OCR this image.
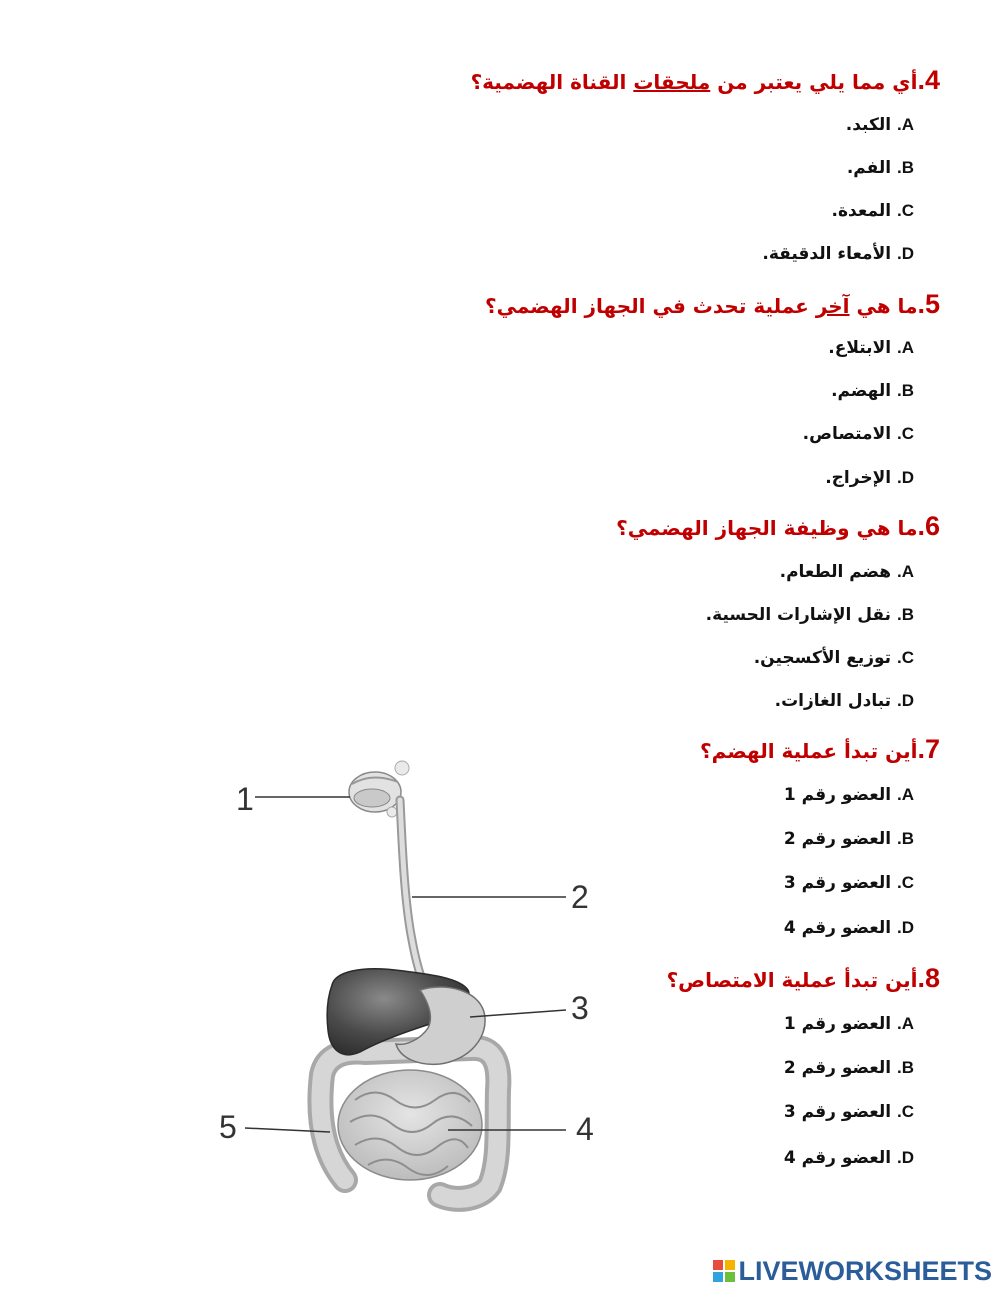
4.أي مما يلي يعتبر من ملحقات القناة الهضمية؟
A. الكبد.
B. الفم.
C. المعدة.
D. الأمعاء الدقيقة.
5.ما هي آخر عملية تحدث في الجهاز الهضمي؟
A. الابتلاع.
B. الهضم.
C. الامتصاص.
D. الإخراج.
6.ما هي وظيفة الجهاز الهضمي؟
A. هضم الطعام.
B. نقل الإشارات الحسية.
C. توزيع الأكسجين.
D. تبادل الغازات.
7.أين تبدأ عملية الهضم؟
A. العضو رقم 1
B. العضو رقم 2
C. العضو رقم 3
D. العضو رقم 4
8.أين تبدأ عملية الامتصاص؟
A. العضو رقم 1
B. العضو رقم 2
C. العضو رقم 3
D. العضو رقم 4
1
2
3
4
5
LIVEWORKSHEETS
